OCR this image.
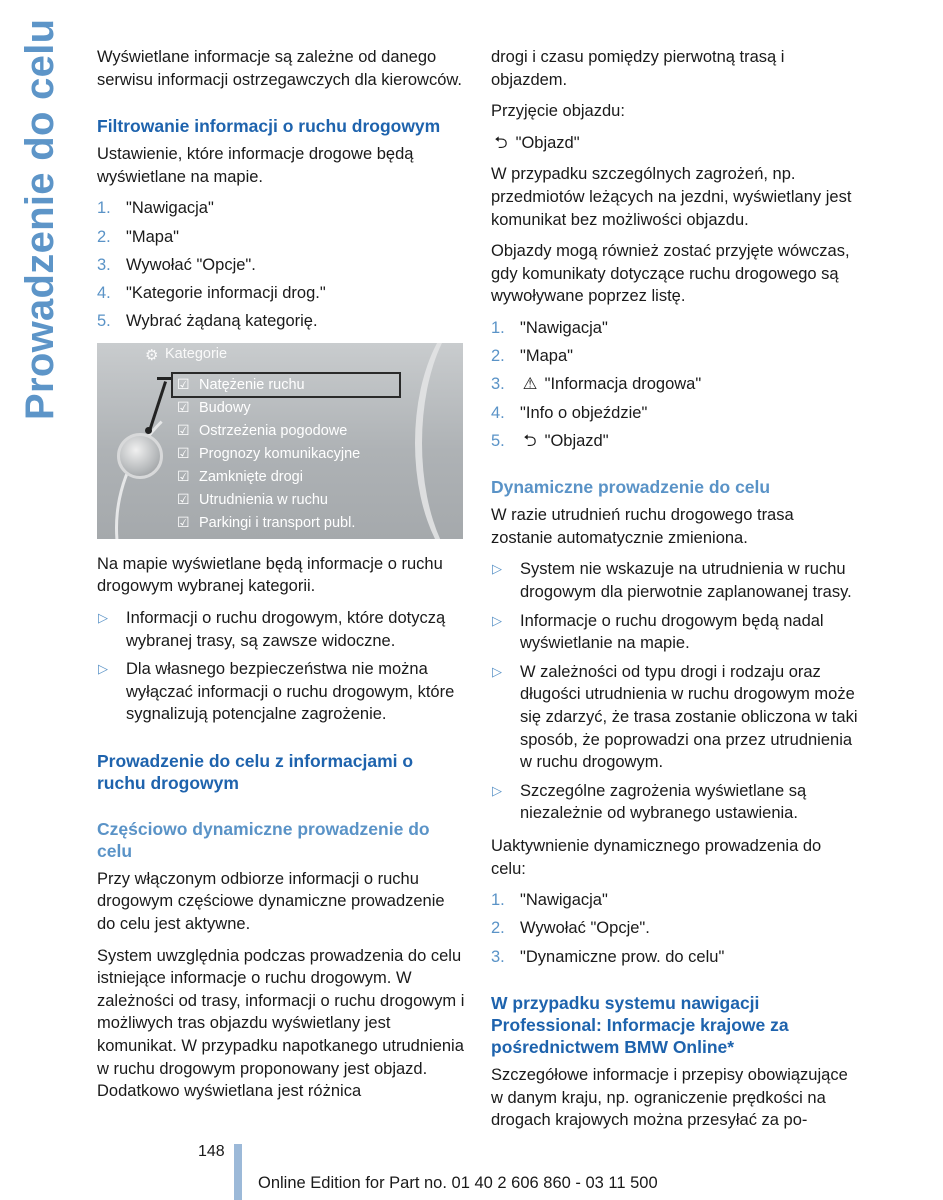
Prowadzenie do celu Wyświetlane informacje są zależne od danego serwisu informacji ostrzegawczych dla kierowców.

Filtrowanie informacji o ruchu drogowym

Ustawienie, które informacje drogowe będą wyświetlane na mapie.

1. "Nawigacja"
2. "Mapa"
3. Wywołać "Opcje".
4. "Kategorie informacji drog."
5. Wybrać żądaną kategorię.
⚙ Kategorie
☑ Natężenie ruchu
☑ Budowy
☑ Ostrzeżenia pogodowe
☑ Prognozy komunikacyjne
☑ Zamknięte drogi
☑ Utrudnienia w ruchu
☑ Parkingi i transport publ.

Na mapie wyświetlane będą informacje o ruchu drogowym wybranej kategorii.

▷ Informacji o ruchu drogowym, które dotyczą wybranej trasy, są zawsze widoczne.
▷ Dla własnego bezpieczeństwa nie można wyłączać informacji o ruchu drogowym, które sygnalizują potencjalne zagrożenie.
Prowadzenie do celu z informacjami o ruchu drogowym
Częściowo dynamiczne prowadzenie do celu

Przy włączonym odbiorze informacji o ruchu drogowym częściowe dynamiczne prowadzenie do celu jest aktywne.

System uwzględnia podczas prowadzenia do celu istniejące informacje o ruchu drogowym. W zależności od trasy, informacji o ruchu drogowym i możliwych tras objazdu wyświetlany jest komunikat. W przypadku napotkanego utrudnienia w ruchu drogowym proponowany jest objazd. Dodatkowo wyświetlana jest różnica

drogi i czasu pomiędzy pierwotną trasą i objazdem.

Przyjęcie objazdu:

⮌ "Objazd"

W przypadku szczególnych zagrożeń, np. przedmiotów leżących na jezdni, wyświetlany jest komunikat bez możliwości objazdu.

Objazdy mogą również zostać przyjęte wówczas, gdy komunikaty dotyczące ruchu drogowego są wywoływane poprzez listę.

1. "Nawigacja"
2. "Mapa"
3. ⚠ "Informacja drogowa"
4. "Info o objeździe"
5. ⮌ "Objazd"
Dynamiczne prowadzenie do celu

W razie utrudnień ruchu drogowego trasa zostanie automatycznie zmieniona.

▷ System nie wskazuje na utrudnienia w ruchu drogowym dla pierwotnie zaplanowanej trasy.
▷ Informacje o ruchu drogowym będą nadal wyświetlanie na mapie.
▷ W zależności od typu drogi i rodzaju oraz długości utrudnienia w ruchu drogowym może się zdarzyć, że trasa zostanie obliczona w taki sposób, że poprowadzi ona przez utrudnienia w ruchu drogowym.
▷ Szczególne zagrożenia wyświetlane są niezależnie od wybranego ustawienia.

Uaktywnienie dynamicznego prowadzenia do celu:

1. "Nawigacja"
2. Wywołać "Opcje".
3. "Dynamiczne prow. do celu"
W przypadku systemu nawigacji Professional: Informacje krajowe za pośrednictwem BMW Online*

Szczegółowe informacje i przepisy obowiązujące w danym kraju, np. ograniczenie prędkości na drogach krajowych można przesyłać za po-

148
Online Edition for Part no. 01 40 2 606 860 - 03 11 500
